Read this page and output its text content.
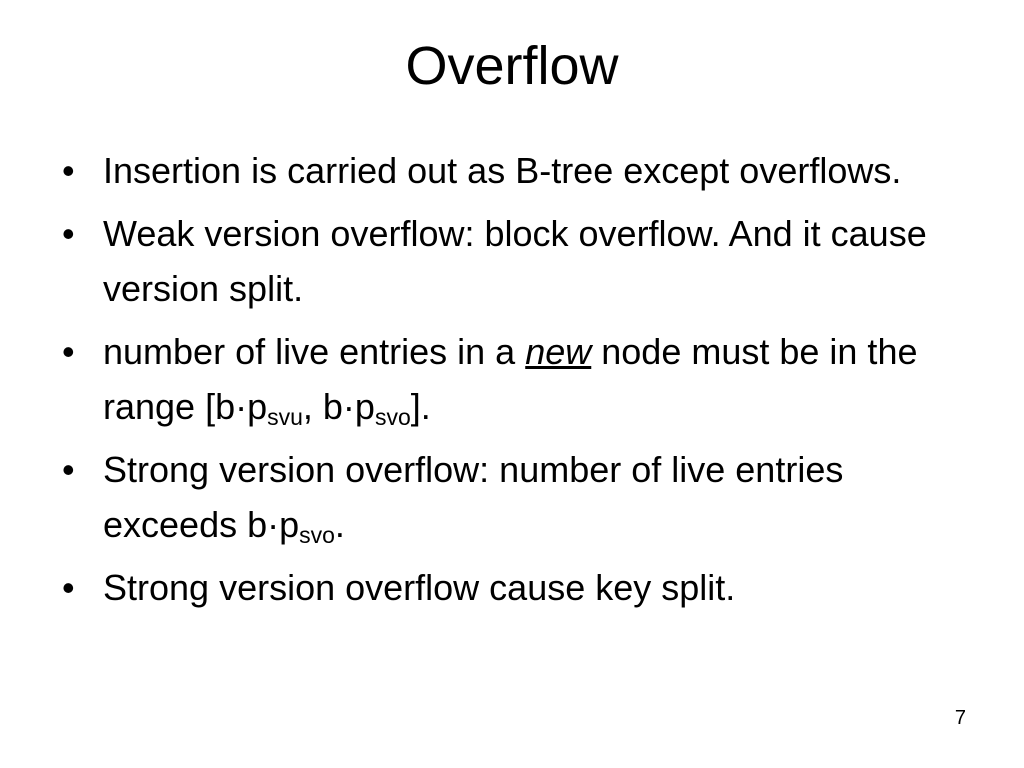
Overflow
• Insertion is carried out as B-tree except overflows.
• Weak version overflow: block overflow. And it cause version split.
• number of live entries in a new node must be in the range [$b\cdot p_{svu}$, $b\cdot p_{svo}$].
• Strong version overflow: number of live entries exceeds $b\cdot p_{svo}$.
• Strong version overflow cause key split.
7
